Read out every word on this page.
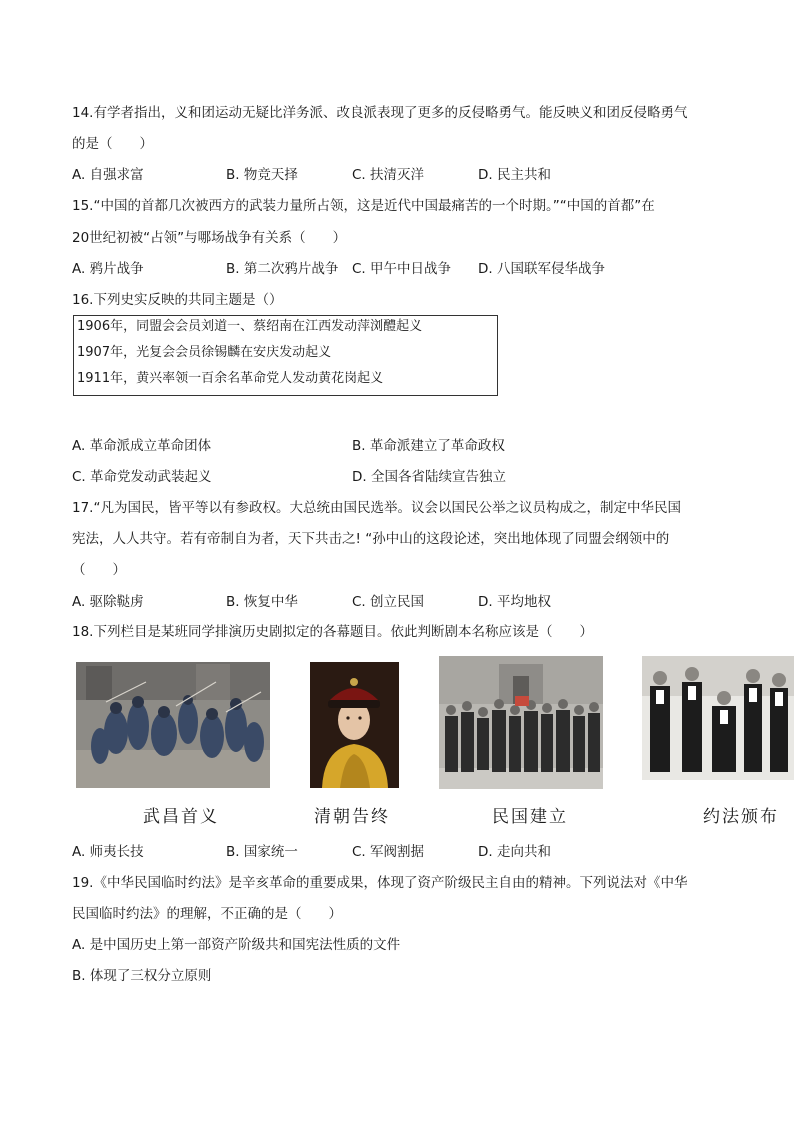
14.有学者指出，义和团运动无疑比洋务派、改良派表现了更多的反侵略勇气。能反映义和团反侵略勇气
的是（　　）
A. 自强求富	B. 物竞天择	C. 扶清灭洋	D. 民主共和
15.“中国的首都几次被西方的武装力量所占领，这是近代中国最痛苦的一个时期。”“中国的首都”在
20世纪初被“占领”与哪场战争有关系（　　）
A. 鸦片战争	B. 第二次鸦片战争 C. 甲午中日战争 D. 八国联军侵华战争
16.下列史实反映的共同主题是（）
1906年，同盟会会员刘道一、蔡绍南在江西发动萍浏醴起义
1907年，光复会会员徐锡麟在安庆发动起义
1911年，黄兴率领一百余名革命党人发动黄花岗起义
A. 革命派成立革命团体	B. 革命派建立了革命政权
C. 革命党发动武装起义	D. 全国各省陆续宣告独立
17.“凡为国民，皆平等以有参政权。大总统由国民选举。议会以国民公举之议员构成之，制定中华民国
宪法，人人共守。若有帝制自为者，天下共击之! “孙中山的这段论述，突出地体现了同盟会纲领中的
（　　）
A. 驱除鞑虏	B. 恢复中华	C. 创立民国	D. 平均地权
18.下列栏目是某班同学排演历史剧拟定的各幕题目。依此判断剧本名称应该是（　　）
武昌首义	清朝告终	民国建立	约法颁布
A. 师夷长技	B. 国家统一	C. 军阀割据	D. 走向共和
19.《中华民国临时约法》是辛亥革命的重要成果，体现了资产阶级民主自由的精神。下列说法对《中华
民国临时约法》的理解，不正确的是（　　）
A. 是中国历史上第一部资产阶级共和国宪法性质的文件
B. 体现了三权分立原则
